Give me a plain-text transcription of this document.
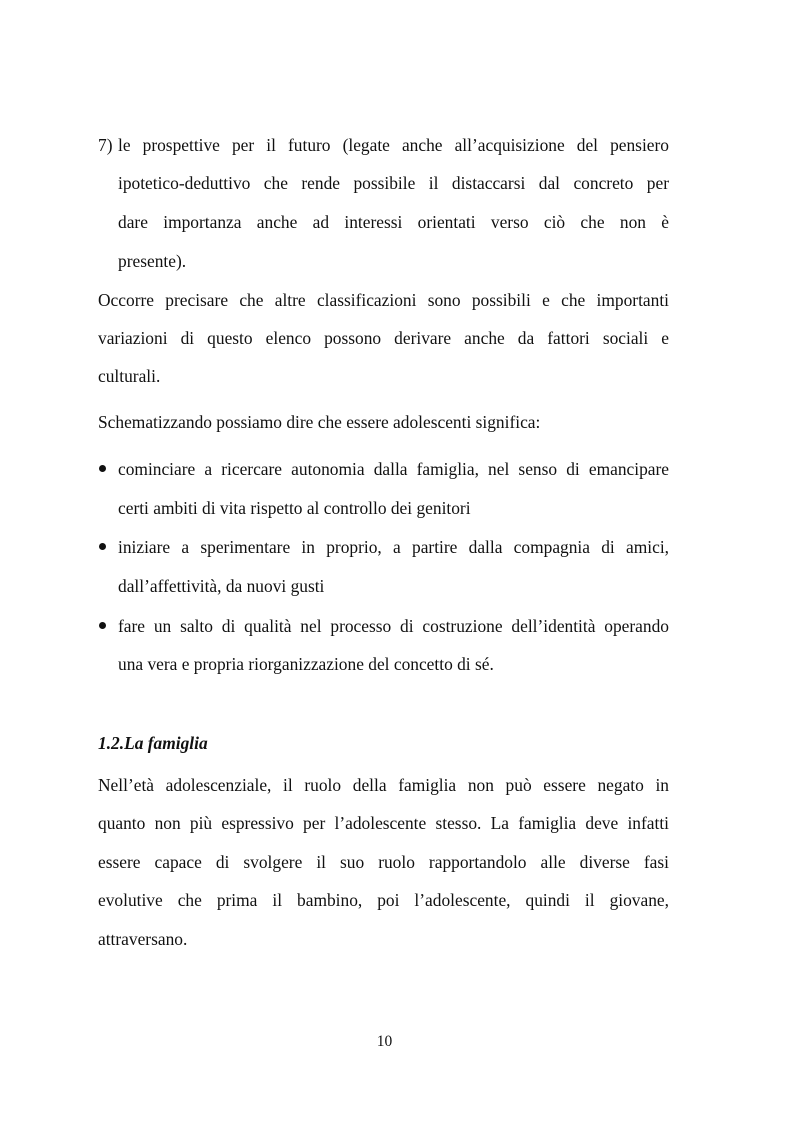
7) le prospettive per il futuro (legate anche all’acquisizione del pensiero
ipotetico-deduttivo che rende possibile il distaccarsi dal concreto per
dare importanza anche ad interessi orientati verso ciò che non è
presente).
Occorre precisare che altre classificazioni sono possibili e che importanti
variazioni di questo elenco possono derivare anche da fattori sociali e
culturali.
Schematizzando possiamo dire che essere adolescenti significa:
cominciare a ricercare autonomia dalla famiglia, nel senso di emancipare
certi ambiti di vita rispetto al controllo dei genitori
iniziare a sperimentare in proprio, a partire dalla compagnia di amici,
dall’affettività, da nuovi gusti
fare un salto di qualità nel processo di costruzione dell’identità operando
una vera e propria riorganizzazione del concetto di sé.
1.2.La famiglia
Nell’età adolescenziale, il ruolo della famiglia non può essere negato in
quanto non più espressivo per l’adolescente stesso. La famiglia deve infatti
essere capace di svolgere il suo ruolo rapportandolo alle diverse fasi
evolutive che prima il bambino, poi l’adolescente, quindi il giovane,
attraversano.
10
